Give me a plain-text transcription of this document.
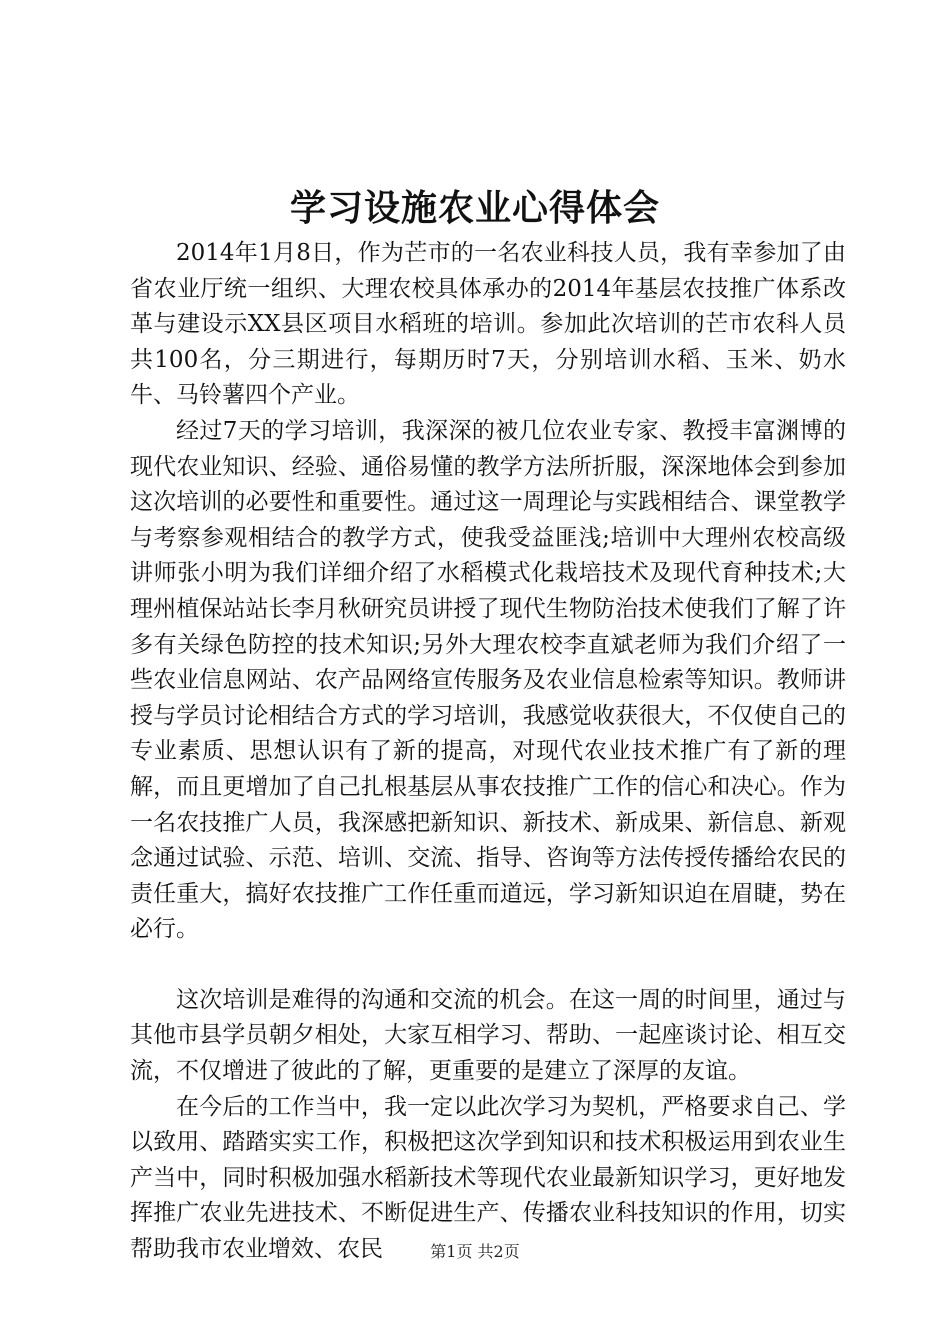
学习设施农业心得体会

2014年1月8日，作为芒市的一名农业科技人员，我有幸参加了由省农业厅统一组织、大理农校具体承办的2014年基层农技推广体系改革与建设示XX县区项目水稻班的培训。参加此次培训的芒市农科人员共100名，分三期进行，每期历时7天，分别培训水稻、玉米、奶水牛、马铃薯四个产业。

经过7天的学习培训，我深深的被几位农业专家、教授丰富渊博的现代农业知识、经验、通俗易懂的教学方法所折服，深深地体会到参加这次培训的必要性和重要性。通过这一周理论与实践相结合、课堂教学与考察参观相结合的教学方式，使我受益匪浅;培训中大理州农校高级讲师张小明为我们详细介绍了水稻模式化栽培技术及现代育种技术;大理州植保站站长李月秋研究员讲授了现代生物防治技术使我们了解了许多有关绿色防控的技术知识;另外大理农校李直斌老师为我们介绍了一些农业信息网站、农产品网络宣传服务及农业信息检索等知识。教师讲授与学员讨论相结合方式的学习培训，我感觉收获很大，不仅使自己的专业素质、思想认识有了新的提高，对现代农业技术推广有了新的理解，而且更增加了自己扎根基层从事农技推广工作的信心和决心。作为一名农技推广人员，我深感把新知识、新技术、新成果、新信息、新观念通过试验、示范、培训、交流、指导、咨询等方法传授传播给农民的责任重大，搞好农技推广工作任重而道远，学习新知识迫在眉睫，势在必行。

这次培训是难得的沟通和交流的机会。在这一周的时间里，通过与其他市县学员朝夕相处，大家互相学习、帮助、一起座谈讨论、相互交流，不仅增进了彼此的了解，更重要的是建立了深厚的友谊。

在今后的工作当中，我一定以此次学习为契机，严格要求自己、学以致用、踏踏实实工作，积极把这次学到知识和技术积极运用到农业生产当中，同时积极加强水稻新技术等现代农业最新知识学习，更好地发挥推广农业先进技术、不断促进生产、传播农业科技知识的作用，切实帮助我市农业增效、农民	第1页 共2页
